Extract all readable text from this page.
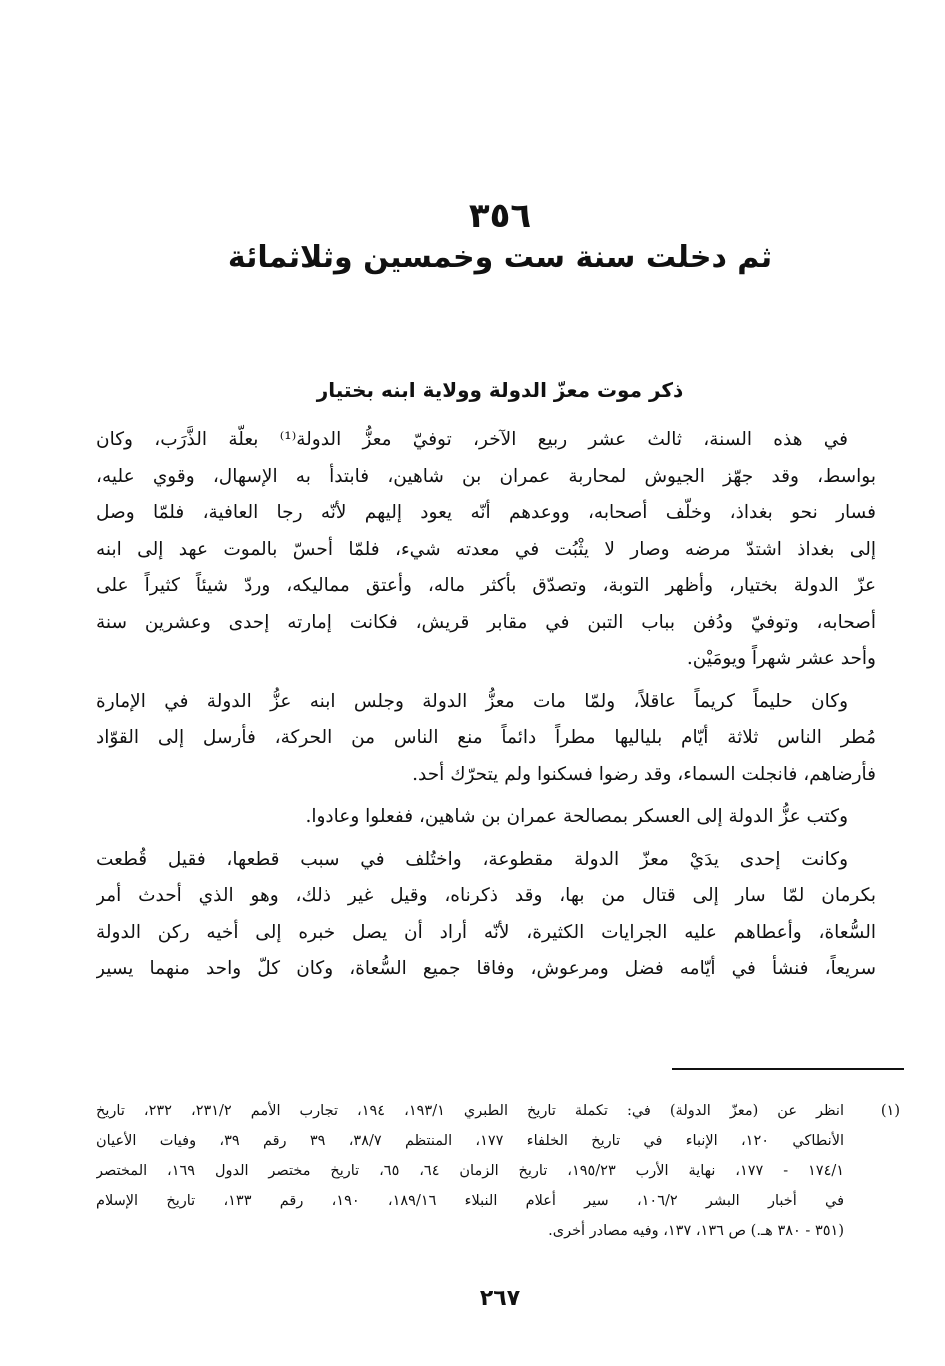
٣٥٦
ثم دخلت سنة ست وخمسين وثلاثمائة
ذكر موت معزّ الدولة وولاية ابنه بختيار
في هذه السنة، ثالث عشر ربيع الآخر، توفيّ معزُّ الدولة⁽¹⁾ بعلّة الذَّرَب، وكان
بواسط، وقد جهّز الجيوش لمحاربة عمران بن شاهين، فابتدأ به الإسهال، وقوي عليه،
فسار نحو بغداذ، وخلّف أصحابه، ووعدهم أنّه يعود إليهم لأنّه رجا العافية، فلمّا وصل
إلى بغداذ اشتدّ مرضه وصار لا يثْبُت في معدته شيء، فلمّا أحسّ بالموت عهد إلى ابنه
عزّ الدولة بختيار، وأظهر التوبة، وتصدّق بأكثر ماله، وأعتق مماليكه، وردّ شيئاً كثيراً على
أصحابه، وتوفيّ ودُفن بباب التبن في مقابر قريش، فكانت إمارته إحدى وعشرين سنة
وأحد عشر شهراً ويومَيْن.
وكان حليماً كريماً عاقلاً، ولمّا مات معزُّ الدولة وجلس ابنه عزُّ الدولة في الإمارة
مُطر الناس ثلاثة أيّام بلياليها مطراً دائماً منع الناس من الحركة، فأرسل إلى القوّاد
فأرضاهم، فانجلت السماء، وقد رضوا فسكنوا ولم يتحرّك أحد.
وكتب عزُّ الدولة إلى العسكر بمصالحة عمران بن شاهين، ففعلوا وعادوا.
وكانت إحدى يدَيْ معزّ الدولة مقطوعة، واختُلف في سبب قطعها، فقيل قُطعت
بكرمان لمّا سار إلى قتال من بها، وقد ذكرناه، وقيل غير ذلك، وهو الذي أحدث أمر
السُّعاة، وأعطاهم عليه الجرايات الكثيرة، لأنّه أراد أن يصل خبره إلى أخيه ركن الدولة
سريعاً، فنشأ في أيّامه فضل ومرعوش، وفاقا جميع السُّعاة، وكان كلّ واحد منهما يسير
(١)
انظر عن (معزّ الدولة) في: تكملة تاريخ الطبري ١٩٣/١، ١٩٤، تجارب الأمم ٢٣١/٢، ٢٣٢، تاريخ
الأنطاكي ١٢٠، الإنباء في تاريخ الخلفاء ١٧٧، المنتظم ٣٨/٧، ٣٩ رقم ٣٩، وفيات الأعيان
١٧٤/١ - ١٧٧، نهاية الأرب ١٩٥/٢٣، تاريخ الزمان ٦٤، ٦٥، تاريخ مختصر الدول ١٦٩، المختصر
في أخبار البشر ١٠٦/٢، سير أعلام النبلاء ١٨٩/١٦، ١٩٠، رقم ١٣٣، تاريخ الإسلام
(٣٥١ - ٣٨٠ هـ.) ص ١٣٦، ١٣٧، وفيه مصادر أخرى.
٢٦٧
